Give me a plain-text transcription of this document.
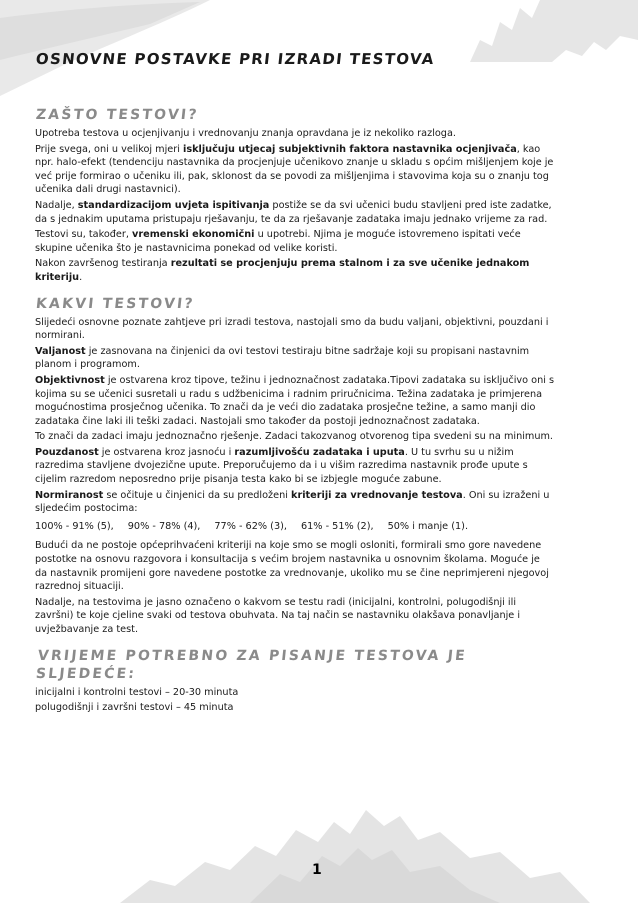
OSNOVNE POSTAVKE PRI IZRADI TESTOVA
ZAŠTO TESTOVI?

Upotreba testova u ocjenjivanju i vrednovanju znanja opravdana je iz nekoliko razloga.

Prije svega, oni u velikoj mjeri isključuju utjecaj subjektivnih faktora nastavnika ocjenjivača, kao npr. halo-efekt (tendenciju nastavnika da procjenjuje učenikovo znanje u skladu s općim mišljenjem koje je već prije formirao o učeniku ili, pak, sklonost da se povodi za mišljenjima i stavovima koja su o znanju tog učenika dali drugi nastavnici).

Nadalje, standardizacijom uvjeta ispitivanja postiže se da svi učenici budu stavljeni pred iste zadatke, da s jednakim uputama pristupaju rješavanju, te da za rješavanje zadataka imaju jednako vrijeme za rad.

Testovi su, također, vremenski ekonomični u upotrebi. Njima je moguće istovremeno ispitati veće skupine učenika što je nastavnicima ponekad od velike koristi.

Nakon završenog testiranja rezultati se procjenjuju prema stalnom i za sve učenike jednakom kriteriju.

KAKVI TESTOVI?

Slijedeći osnovne poznate zahtjeve pri izradi testova, nastojali smo da budu valjani, objektivni, pouzdani i normirani.

Valjanost je zasnovana na činjenici da ovi testovi testiraju bitne sadržaje koji su propisani nastavnim planom i programom.

Objektivnost je ostvarena kroz tipove, težinu i jednoznačnost zadataka.Tipovi zadataka su isključivo oni s kojima su se učenici susretali u radu s udžbenicima i radnim priručnicima. Težina zadataka je primjerena mogućnostima prosječnog učenika. To znači da je veći dio zadataka prosječne težine, a samo manji dio zadataka čine laki ili teški zadaci. Nastojali smo također da postoji jednoznačnost zadataka.

To znači da zadaci imaju jednoznačno rješenje. Zadaci takozvanog otvorenog tipa svedeni su na minimum.

Pouzdanost je ostvarena kroz jasnoću i razumljivošću zadataka i uputa. U tu svrhu su u nižim razredima stavljene dvojezične upute. Preporučujemo da i u višim razredima nastavnik prođe upute s cijelim razredom neposredno prije pisanja testa kako bi se izbjegle moguće zabune.

Normiranost se očituje u činjenici da su predloženi kriteriji za vrednovanje testova. Oni su izraženi u sljedećim postocima:

100% - 91% (5), 90% - 78% (4), 77% - 62% (3), 61% - 51% (2), 50% i manje (1).

Budući da ne postoje općeprihvaćeni kriteriji na koje smo se mogli osloniti, formirali smo gore navedene postotke na osnovu razgovora i konsultacija s većim brojem nastavnika u osnovnim školama. Moguće je da nastavnik promijeni gore navedene postotke za vrednovanje, ukoliko mu se čine neprimjereni njegovoj razrednoj situaciji.

Nadalje, na testovima je jasno označeno o kakvom se testu radi (inicijalni, kontrolni, polugodišnji ili završni) te koje cjeline svaki od testova obuhvata. Na taj način se nastavniku olakšava ponavljanje i uvježbavanje za test.

VRIJEME POTREBNO ZA PISANJE TESTOVA JE SLJEDEĆE:

inicijalni i kontrolni testovi – 20-30 minuta

polugodišnji i završni testovi – 45 minuta

1
